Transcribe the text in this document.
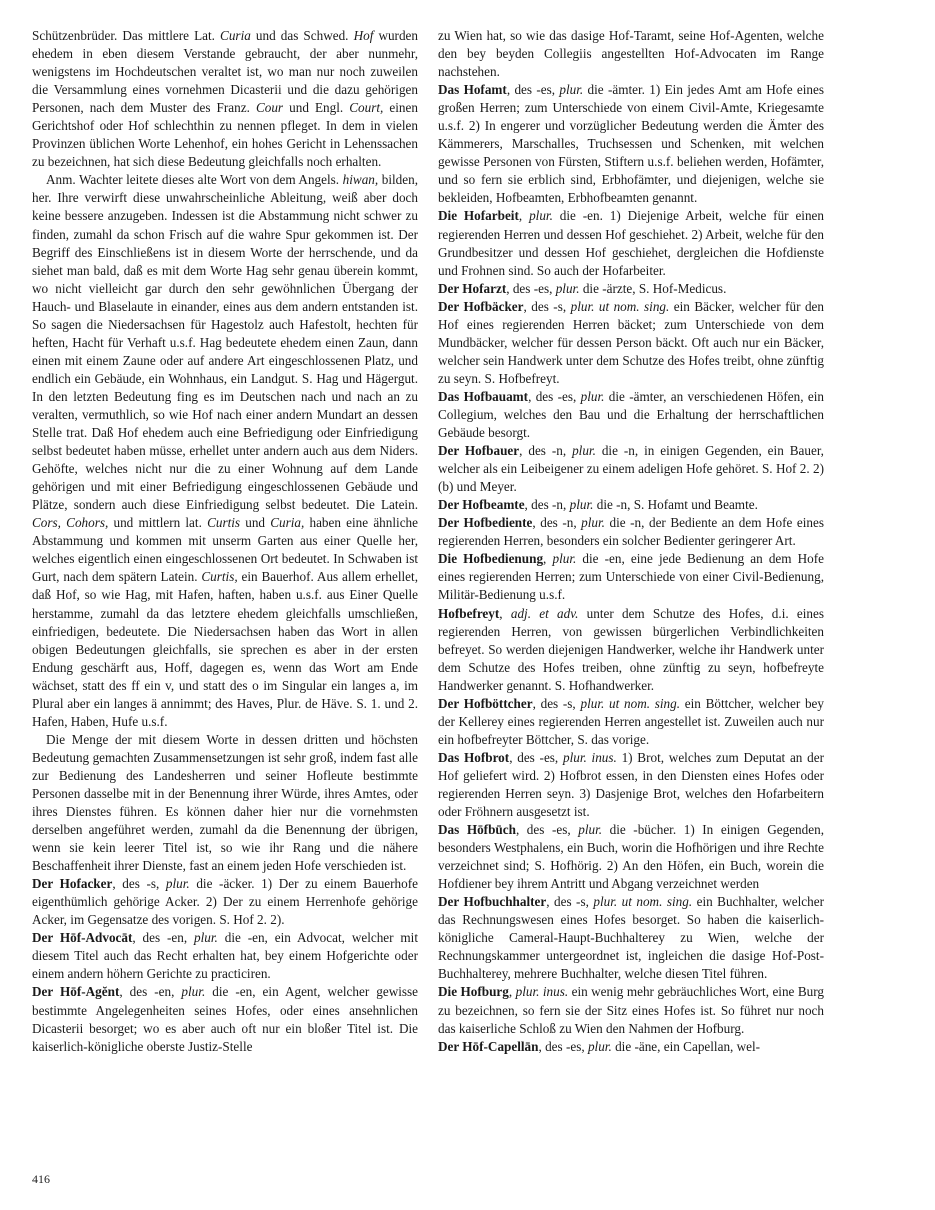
Schützenbrüder. Das mittlere Lat. Curia und das Schwed. Hof wurden ehedem in eben diesem Verstande gebraucht, der aber nunmehr, wenigstens im Hochdeutschen veraltet ist, wo man nur noch zuweilen die Versammlung eines vornehmen Dicasterii und die dazu gehörigen Personen, nach dem Muster des Franz. Cour und Engl. Court, einen Gerichtshof oder Hof schlechthin zu nennen pfleget. In dem in vielen Provinzen üblichen Worte Lehenhof, ein hohes Gericht in Lehenssachen zu bezeichnen, hat sich diese Bedeutung gleichfalls noch erhalten.

Anm. Wachter leitete dieses alte Wort von dem Angels. hiwan, bilden, her. Ihre verwirft diese unwahrscheinliche Ableitung, weiß aber doch keine bessere anzugeben. Indessen ist die Abstammung nicht schwer zu finden, zumahl da schon Frisch auf die wahre Spur gekommen ist. Der Begriff des Einschließens ist in diesem Worte der herrschende, und da siehet man bald, daß es mit dem Worte Hag sehr genau überein kommt, wo nicht vielleicht gar durch den sehr gewöhnlichen Übergang der Hauch- und Blaselaute in einander, eines aus dem andern entstanden ist. So sagen die Niedersachsen für Hagestolz auch Hafestolt, hechten für heften, Hacht für Verhaft u.s.f. Hag bedeutete ehedem einen Zaun, dann einen mit einem Zaune oder auf andere Art eingeschlossenen Platz, und endlich ein Gebäude, ein Wohnhaus, ein Landgut. S. Hag und Hägergut. In den letzten Bedeutung fing es im Deutschen nach und nach an zu veralten, vermuthlich, so wie Hof nach einer andern Mundart an dessen Stelle trat. Daß Hof ehedem auch eine Befriedigung oder Einfriedigung selbst bedeutet haben müsse, erhellet unter andern auch aus dem Niders. Gehöfte, welches nicht nur die zu einer Wohnung auf dem Lande gehörigen und mit einer Befriedigung eingeschlossenen Gebäude und Plätze, sondern auch diese Einfriedigung selbst bedeutet. Die Latein. Cors, Cohors, und mittlern lat. Curtis und Curia, haben eine ähnliche Abstammung und kommen mit unserm Garten aus einer Quelle her, welches eigentlich einen eingeschlossenen Ort bedeutet. In Schwaben ist Gurt, nach dem spätern Latein. Curtis, ein Bauerhof. Aus allem erhellet, daß Hof, so wie Hag, mit Hafen, haften, haben u.s.f. aus Einer Quelle herstamme, zumahl da das letztere ehedem gleichfalls umschließen, einfriedigen, bedeutete. Die Niedersachsen haben das Wort in allen obigen Bedeutungen gleichfalls, sie sprechen es aber in der ersten Endung geschärft aus, Hoff, dagegen es, wenn das Wort am Ende wächset, statt des ff ein v, und statt des o im Singular ein langes a, im Plural aber ein langes ä annimmt; des Haves, Plur. de Häve. S. 1. und 2. Hafen, Haben, Hufe u.s.f.

Die Menge der mit diesem Worte in dessen dritten und höchsten Bedeutung gemachten Zusammensetzungen ist sehr groß, indem fast alle zur Bedienung des Landesherren und seiner Hofleute bestimmte Personen dasselbe mit in der Benennung ihrer Würde, ihres Amtes, oder ihres Dienstes führen. Es können daher hier nur die vornehmsten derselben angeführet werden, zumahl da die Benennung der übrigen, wenn sie kein leerer Titel ist, so wie ihr Rang und die nähere Beschaffenheit ihrer Dienste, fast an einem jeden Hofe verschieden ist.

Der Hofacker, des -s, plur. die -äcker. 1) Der zu einem Bauerhofe eigenthümlich gehörige Acker. 2) Der zu einem Herrenhofe gehörige Acker, im Gegensatze des vorigen. S. Hof 2. 2).

Der Hōf-Advocāt, des -en, plur. die -en, ein Advocat, welcher mit diesem Titel auch das Recht erhalten hat, bey einem Hofgerichte oder einem andern höhern Gerichte zu practiciren.

Der Hōf-Agĕnt, des -en, plur. die -en, ein Agent, welcher gewisse bestimmte Angelegenheiten seines Hofes, oder eines ansehnlichen Dicasterii besorget; wo es aber auch oft nur ein bloßer Titel ist. Die kaiserlich-königliche oberste Justiz-Stelle

zu Wien hat, so wie das dasige Hof-Taramt, seine Hof-Agenten, welche den bey beyden Collegiis angestellten Hof-Advocaten im Range nachstehen.

Das Hofamt, des -es, plur. die -ämter. 1) Ein jedes Amt am Hofe eines großen Herren; zum Unterschiede von einem Civil-Amte, Kriegesamte u.s.f. 2) In engerer und vorzüglicher Bedeutung werden die Ämter des Kämmerers, Marschalles, Truchsessen und Schenken, mit welchen gewisse Personen von Fürsten, Stiftern u.s.f. beliehen werden, Hofämter, und so fern sie erblich sind, Erbhofämter, und diejenigen, welche sie bekleiden, Hofbeamten, Erbhofbeamten genannt.

Die Hofarbeit, plur. die -en. 1) Diejenige Arbeit, welche für einen regierenden Herren und dessen Hof geschiehet. 2) Arbeit, welche für den Grundbesitzer und dessen Hof geschiehet, dergleichen die Hofdienste und Frohnen sind. So auch der Hofarbeiter.

Der Hofarzt, des -es, plur. die -ärzte, S. Hof-Medicus.

Der Hofbäcker, des -s, plur. ut nom. sing. ein Bäcker, welcher für den Hof eines regierenden Herren bäcket; zum Unterschiede von dem Mundbäcker, welcher für dessen Person bäckt. Oft auch nur ein Bäcker, welcher sein Handwerk unter dem Schutze des Hofes treibt, ohne zünftig zu seyn. S. Hofbefreyt.

Das Hofbauamt, des -es, plur. die -ämter, an verschiedenen Höfen, ein Collegium, welches den Bau und die Erhaltung der herrschaftlichen Gebäude besorgt.

Der Hofbauer, des -n, plur. die -n, in einigen Gegenden, ein Bauer, welcher als ein Leibeigener zu einem adeligen Hofe gehöret. S. Hof 2. 2) (b) und Meyer.

Der Hofbeamte, des -n, plur. die -n, S. Hofamt und Beamte.

Der Hofbediente, des -n, plur. die -n, der Bediente an dem Hofe eines regierenden Herren, besonders ein solcher Bedienter geringerer Art.

Die Hofbedienung, plur. die -en, eine jede Bedienung an dem Hofe eines regierenden Herren; zum Unterschiede von einer Civil-Bedienung, Militär-Bedienung u.s.f.

Hofbefreyt, adj. et adv. unter dem Schutze des Hofes, d.i. eines regierenden Herren, von gewissen bürgerlichen Verbindlichkeiten befreyet. So werden diejenigen Handwerker, welche ihr Handwerk unter dem Schutze des Hofes treiben, ohne zünftig zu seyn, hofbefreyte Handwerker genannt. S. Hofhandwerker.

Der Hofböttcher, des -s, plur. ut nom. sing. ein Böttcher, welcher bey der Kellerey eines regierenden Herren angestellet ist. Zuweilen auch nur ein hofbefreyter Böttcher, S. das vorige.

Das Hofbrot, des -es, plur. inus. 1) Brot, welches zum Deputat an der Hof geliefert wird. 2) Hofbrot essen, in den Diensten eines Hofes oder regierenden Herren seyn. 3) Dasjenige Brot, welches den Hofarbeitern oder Fröhnern ausgesetzt ist.

Das Hōfbūch, des -es, plur. die -bücher. 1) In einigen Gegenden, besonders Westphalens, ein Buch, worin die Hofhörigen und ihre Rechte verzeichnet sind; S. Hofhörig. 2) An den Höfen, ein Buch, worein die Hofdiener bey ihrem Antritt und Abgang verzeichnet werden

Der Hofbuchhalter, des -s, plur. ut nom. sing. ein Buchhalter, welcher das Rechnungswesen eines Hofes besorget. So haben die kaiserlich-königliche Cameral-Haupt-Buchhalterey zu Wien, welche der Rechnungskammer untergeordnet ist, ingleichen die dasige Hof-Post-Buchhalterey, mehrere Buchhalter, welche diesen Titel führen.

Die Hofburg, plur. inus. ein wenig mehr gebräuchliches Wort, eine Burg zu bezeichnen, so fern sie der Sitz eines Hofes ist. So führet nur noch das kaiserliche Schloß zu Wien den Nahmen der Hofburg.

Der Hōf-Capellān, des -es, plur. die -äne, ein Capellan, wel-

416
